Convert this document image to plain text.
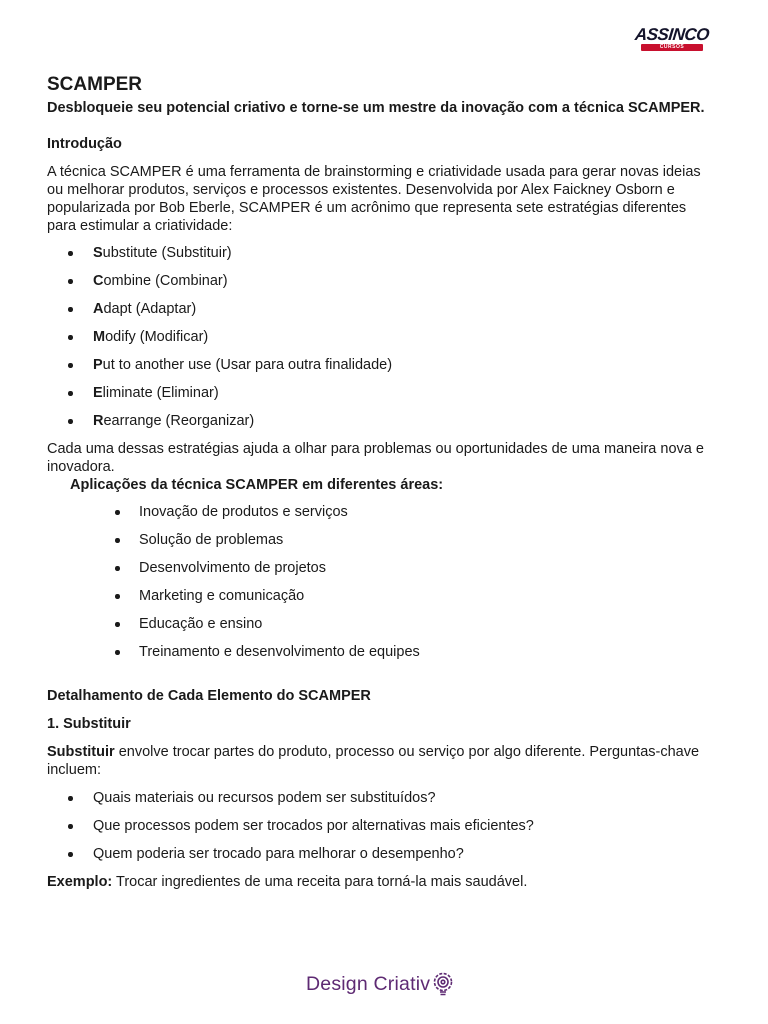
ASSINCO
CURSOS
SCAMPER
Desbloqueie seu potencial criativo e torne-se um mestre da inovação com a técnica SCAMPER.
Introdução

A técnica SCAMPER é uma ferramenta de brainstorming e criatividade usada para gerar novas ideias ou melhorar produtos, serviços e processos existentes. Desenvolvida por Alex Faickney Osborn e popularizada por Bob Eberle, SCAMPER é um acrônimo que representa sete estratégias diferentes para estimular a criatividade:

Substitute (Substituir)
Combine (Combinar)
Adapt (Adaptar)
Modify (Modificar)
Put to another use (Usar para outra finalidade)
Eliminate (Eliminar)
Rearrange (Reorganizar)

Cada uma dessas estratégias ajuda a olhar para problemas ou oportunidades de uma maneira nova e inovadora.

Aplicações da técnica SCAMPER em diferentes áreas:
Inovação de produtos e serviços
Solução de problemas
Desenvolvimento de projetos
Marketing e comunicação
Educação e ensino
Treinamento e desenvolvimento de equipes
Detalhamento de Cada Elemento do SCAMPER
1. Substituir

Substituir envolve trocar partes do produto, processo ou serviço por algo diferente. Perguntas-chave incluem:

Quais materiais ou recursos podem ser substituídos?
Que processos podem ser trocados por alternativas mais eficientes?
Quem poderia ser trocado para melhorar o desempenho?

Exemplo: Trocar ingredientes de uma receita para torná-la mais saudável.

Design Criativ
